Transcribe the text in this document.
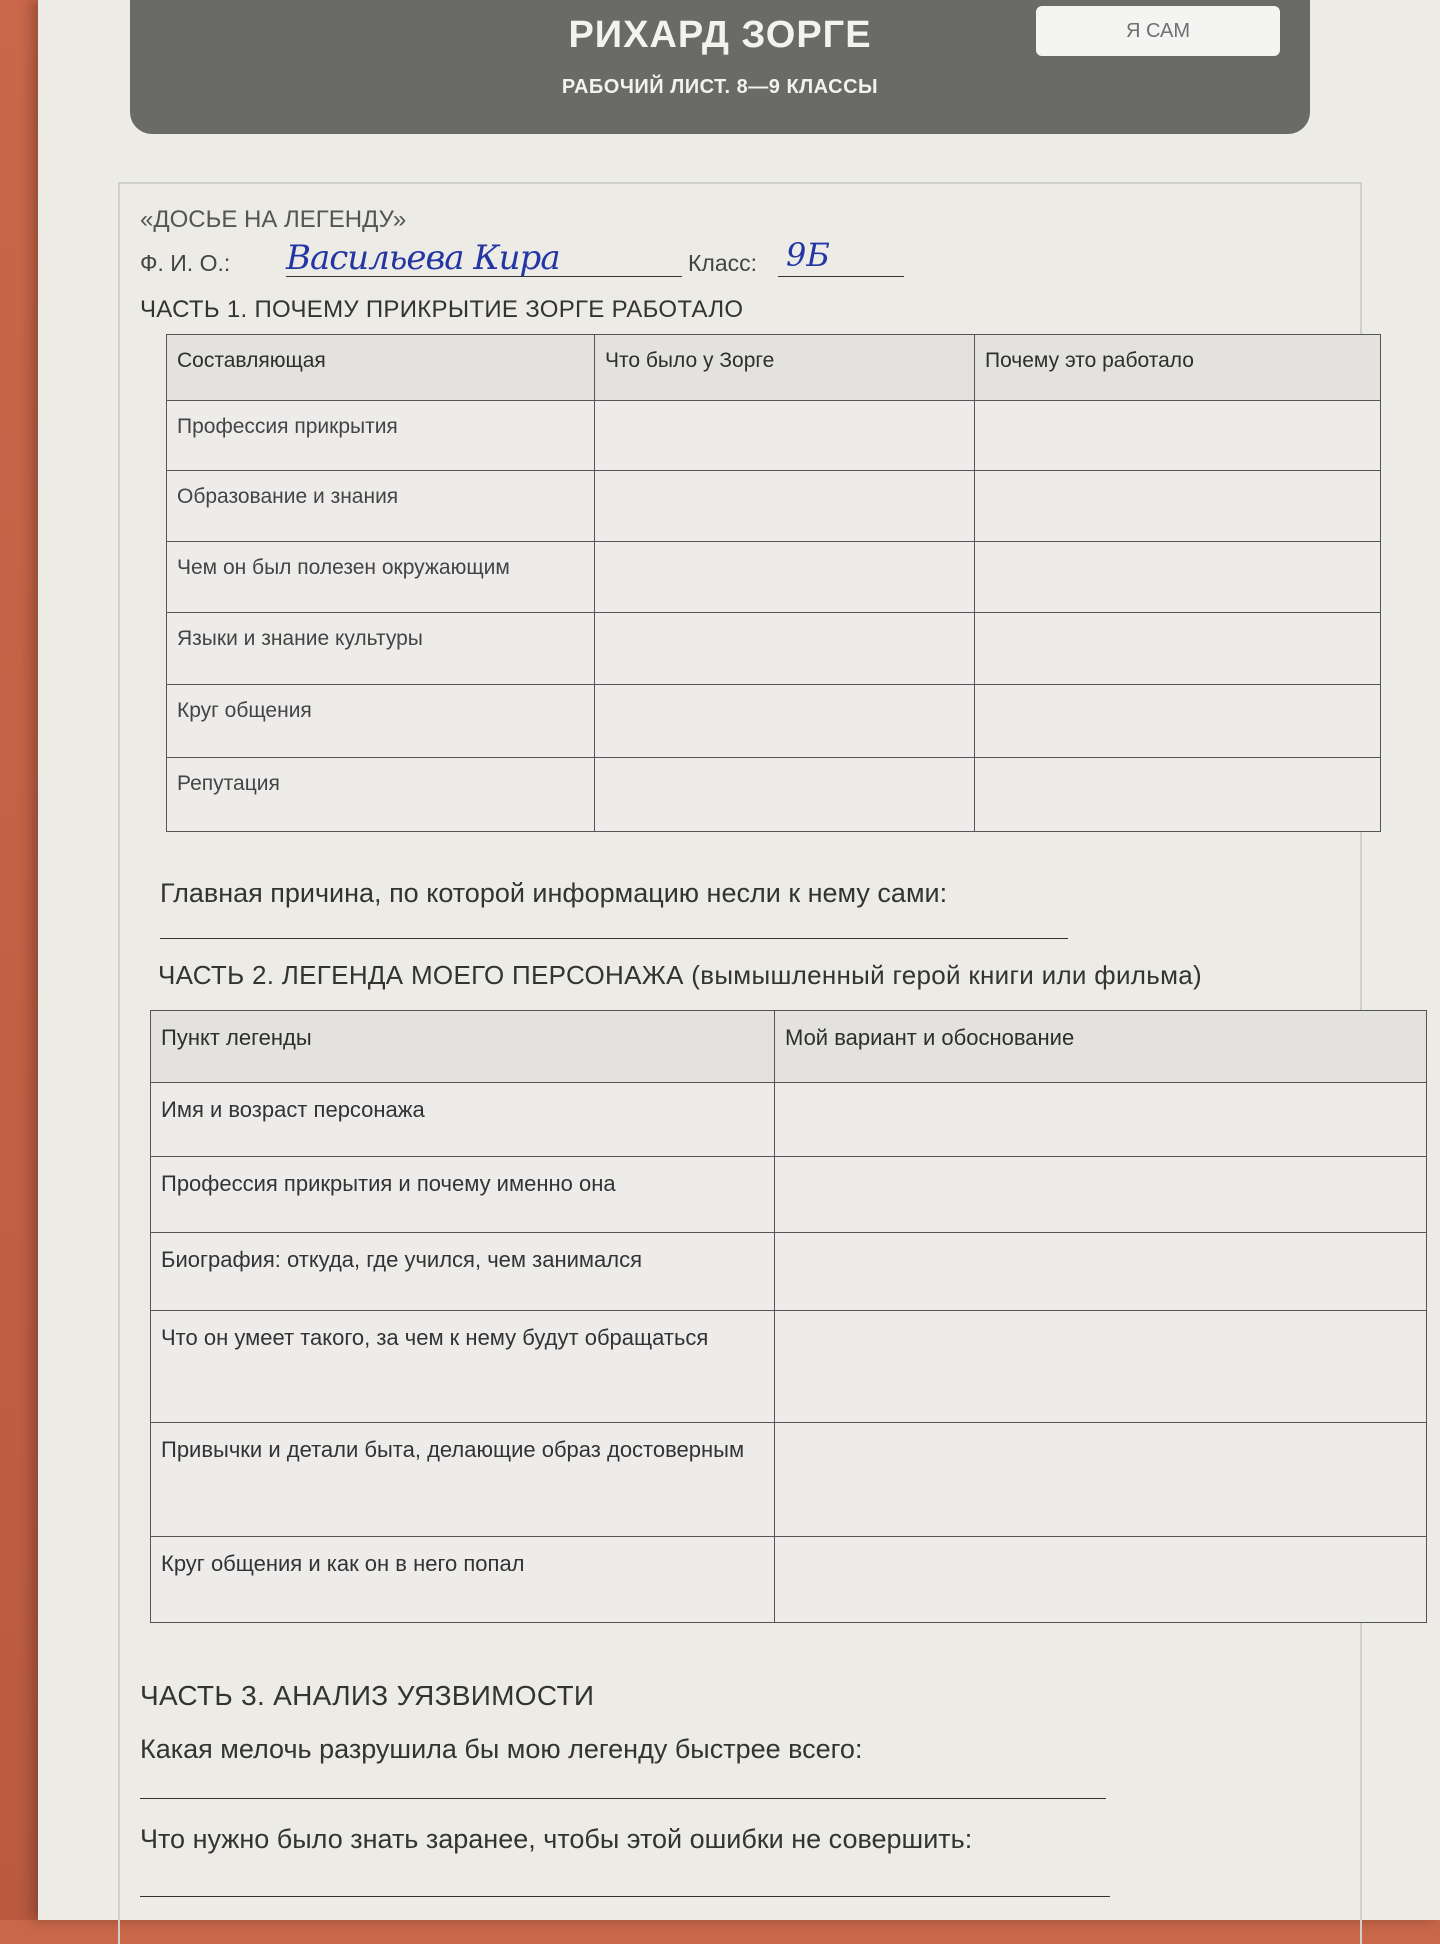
РИХАРД ЗОРГЕ
РАБОЧИЙ ЛИСТ. 8—9 КЛАССЫ
Я САМ
«ДОСЬЕ НА ЛЕГЕНДУ»
Ф. И. О.: Васильева Кира	Класс: 9Б
ЧАСТЬ 1. ПОЧЕМУ ПРИКРЫТИЕ ЗОРГЕ РАБОТАЛО
Составляющая	Что было у Зорге	Почему это работало
Профессия прикрытия		
Образование и знания		
Чем он был полезен окружающим		
Языки и знание культуры		
Круг общения		
Репутация		
Главная причина, по которой информацию несли к нему сами:
ЧАСТЬ 2. ЛЕГЕНДА МОЕГО ПЕРСОНАЖА (вымышленный герой книги или фильма)
Пункт легенды	Мой вариант и обоснование
Имя и возраст персонажа	
Профессия прикрытия и почему именно она	
Биография: откуда, где учился, чем занимался	
Что он умеет такого, за чем к нему будут обращаться	
Привычки и детали быта, делающие образ достоверным	
Круг общения и как он в него попал	
ЧАСТЬ 3. АНАЛИЗ УЯЗВИМОСТИ
Какая мелочь разрушила бы мою легенду быстрее всего:
Что нужно было знать заранее, чтобы этой ошибки не совершить:
